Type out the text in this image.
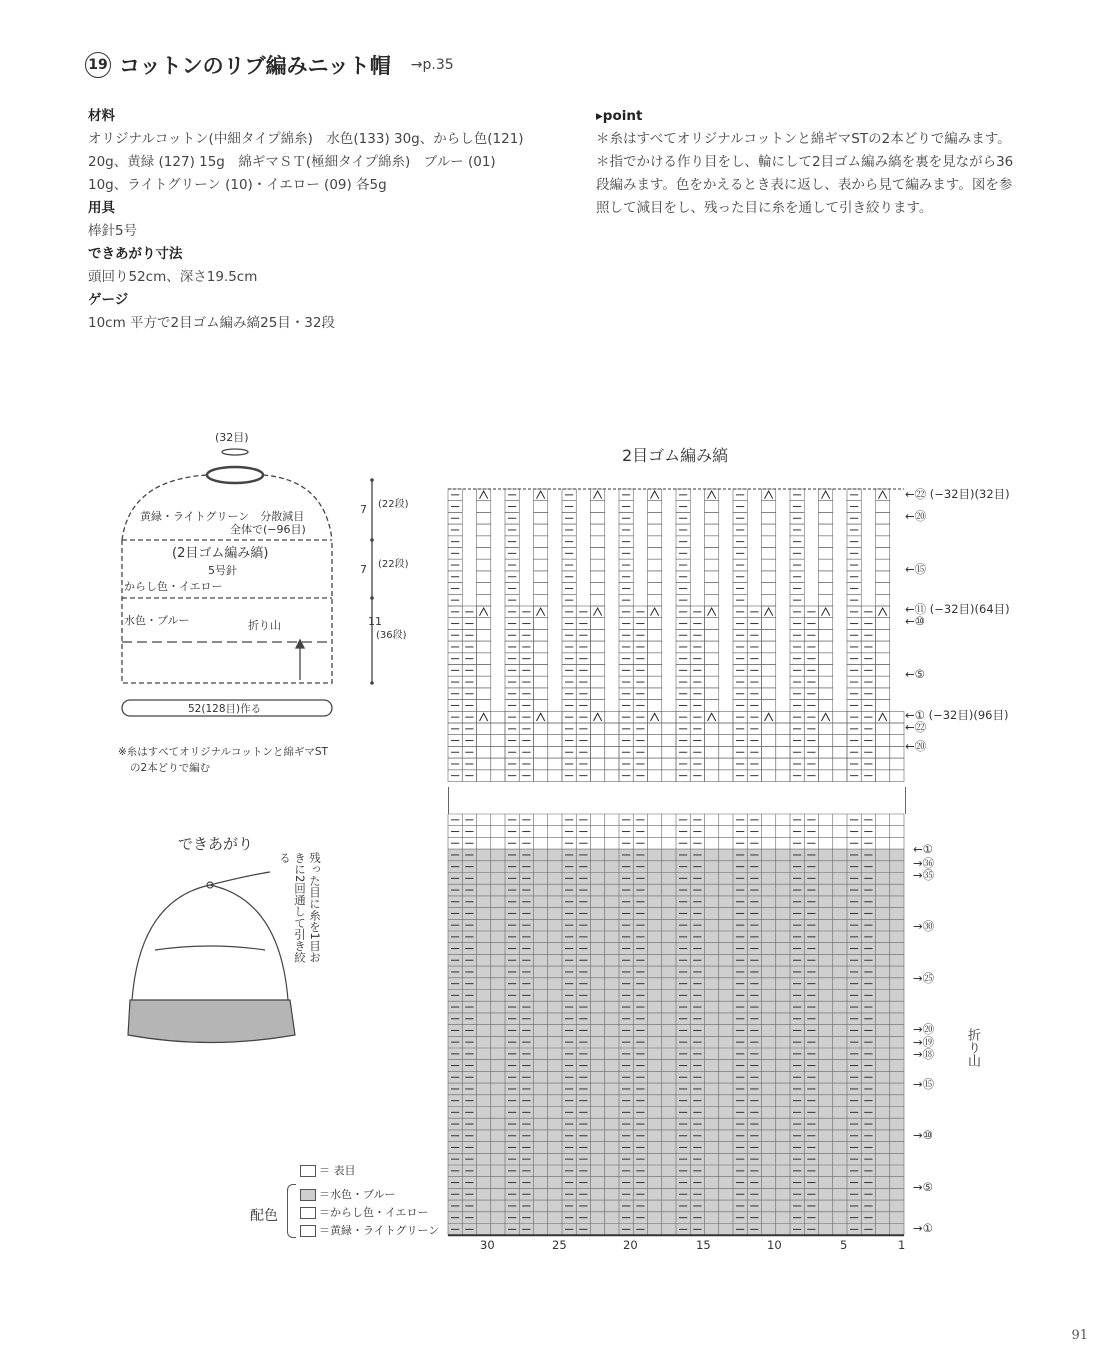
19 コットンのリブ編みニット帽 →p.35
材料
オリジナルコットン(中細タイプ綿糸)　水色(133) 30g、からし色(121)
20g、黄緑 (127) 15g　綿ギマＳＴ(極細タイプ綿糸)　ブルー (01)
10g、ライトグリーン (10)・イエロー (09) 各5g
用具
棒針5号
できあがり寸法
頭回り52cm、深さ19.5cm
ゲージ
10cm 平方で2目ゴム編み縞25目・32段
▸point
＊糸はすべてオリジナルコットンと綿ギマSTの2本どりで編みます。
＊指でかける作り目をし、輪にして2目ゴム編み縞を裏を見ながら36
段編みます。色をかえるとき表に返し、表から見て編みます。図を参
照して減目をし、残った目に糸を通して引き絞ります。
(32目)
黄緑・ライトグリーン　分散減目
全体で(−96目)
(2目ゴム編み縞)
5号針
からし色・イエロー
水色・ブルー	折り山
7 (22段)
7 (22段)
11
(36段)
52(128目)作る
※糸はすべてオリジナルコットンと綿ギマST
の2本どりで編む
できあがり
残った目に糸を1目おきに2回通して引き絞る
2目ゴム編み縞
←㉒ (−32目)(32目)
←⑳
←⑮
←⑪ (−32目)(64目)
←⑩
←⑤
←① (−32目)(96目)
←㉒
←⑳
←①
→㊱
→㉟
→㉚
→㉕
→⑳
→⑲
→⑱
→⑮
→⑩
→⑤
→①
折り山
30	25	20	15	10	5	1
＝ 表目
配色
＝水色・ブルー
＝からし色・イエロー
＝黄緑・ライトグリーン
91
